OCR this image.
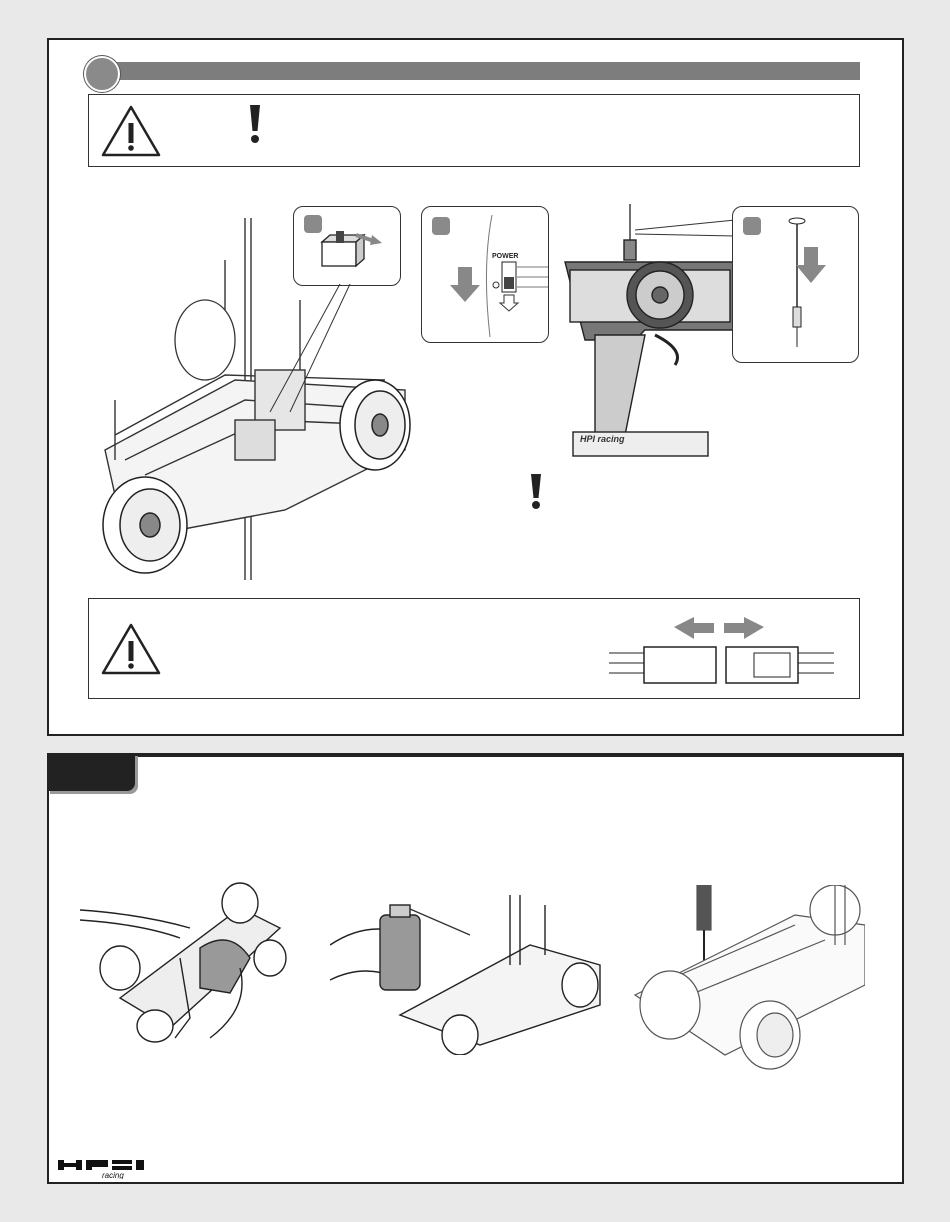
POWER
HPI racing
racing
